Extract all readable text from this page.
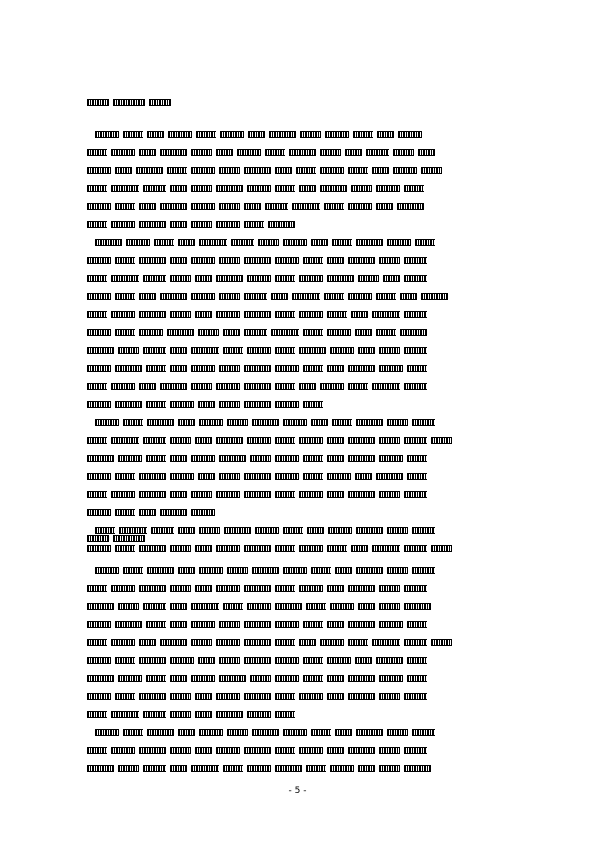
- 5 -
